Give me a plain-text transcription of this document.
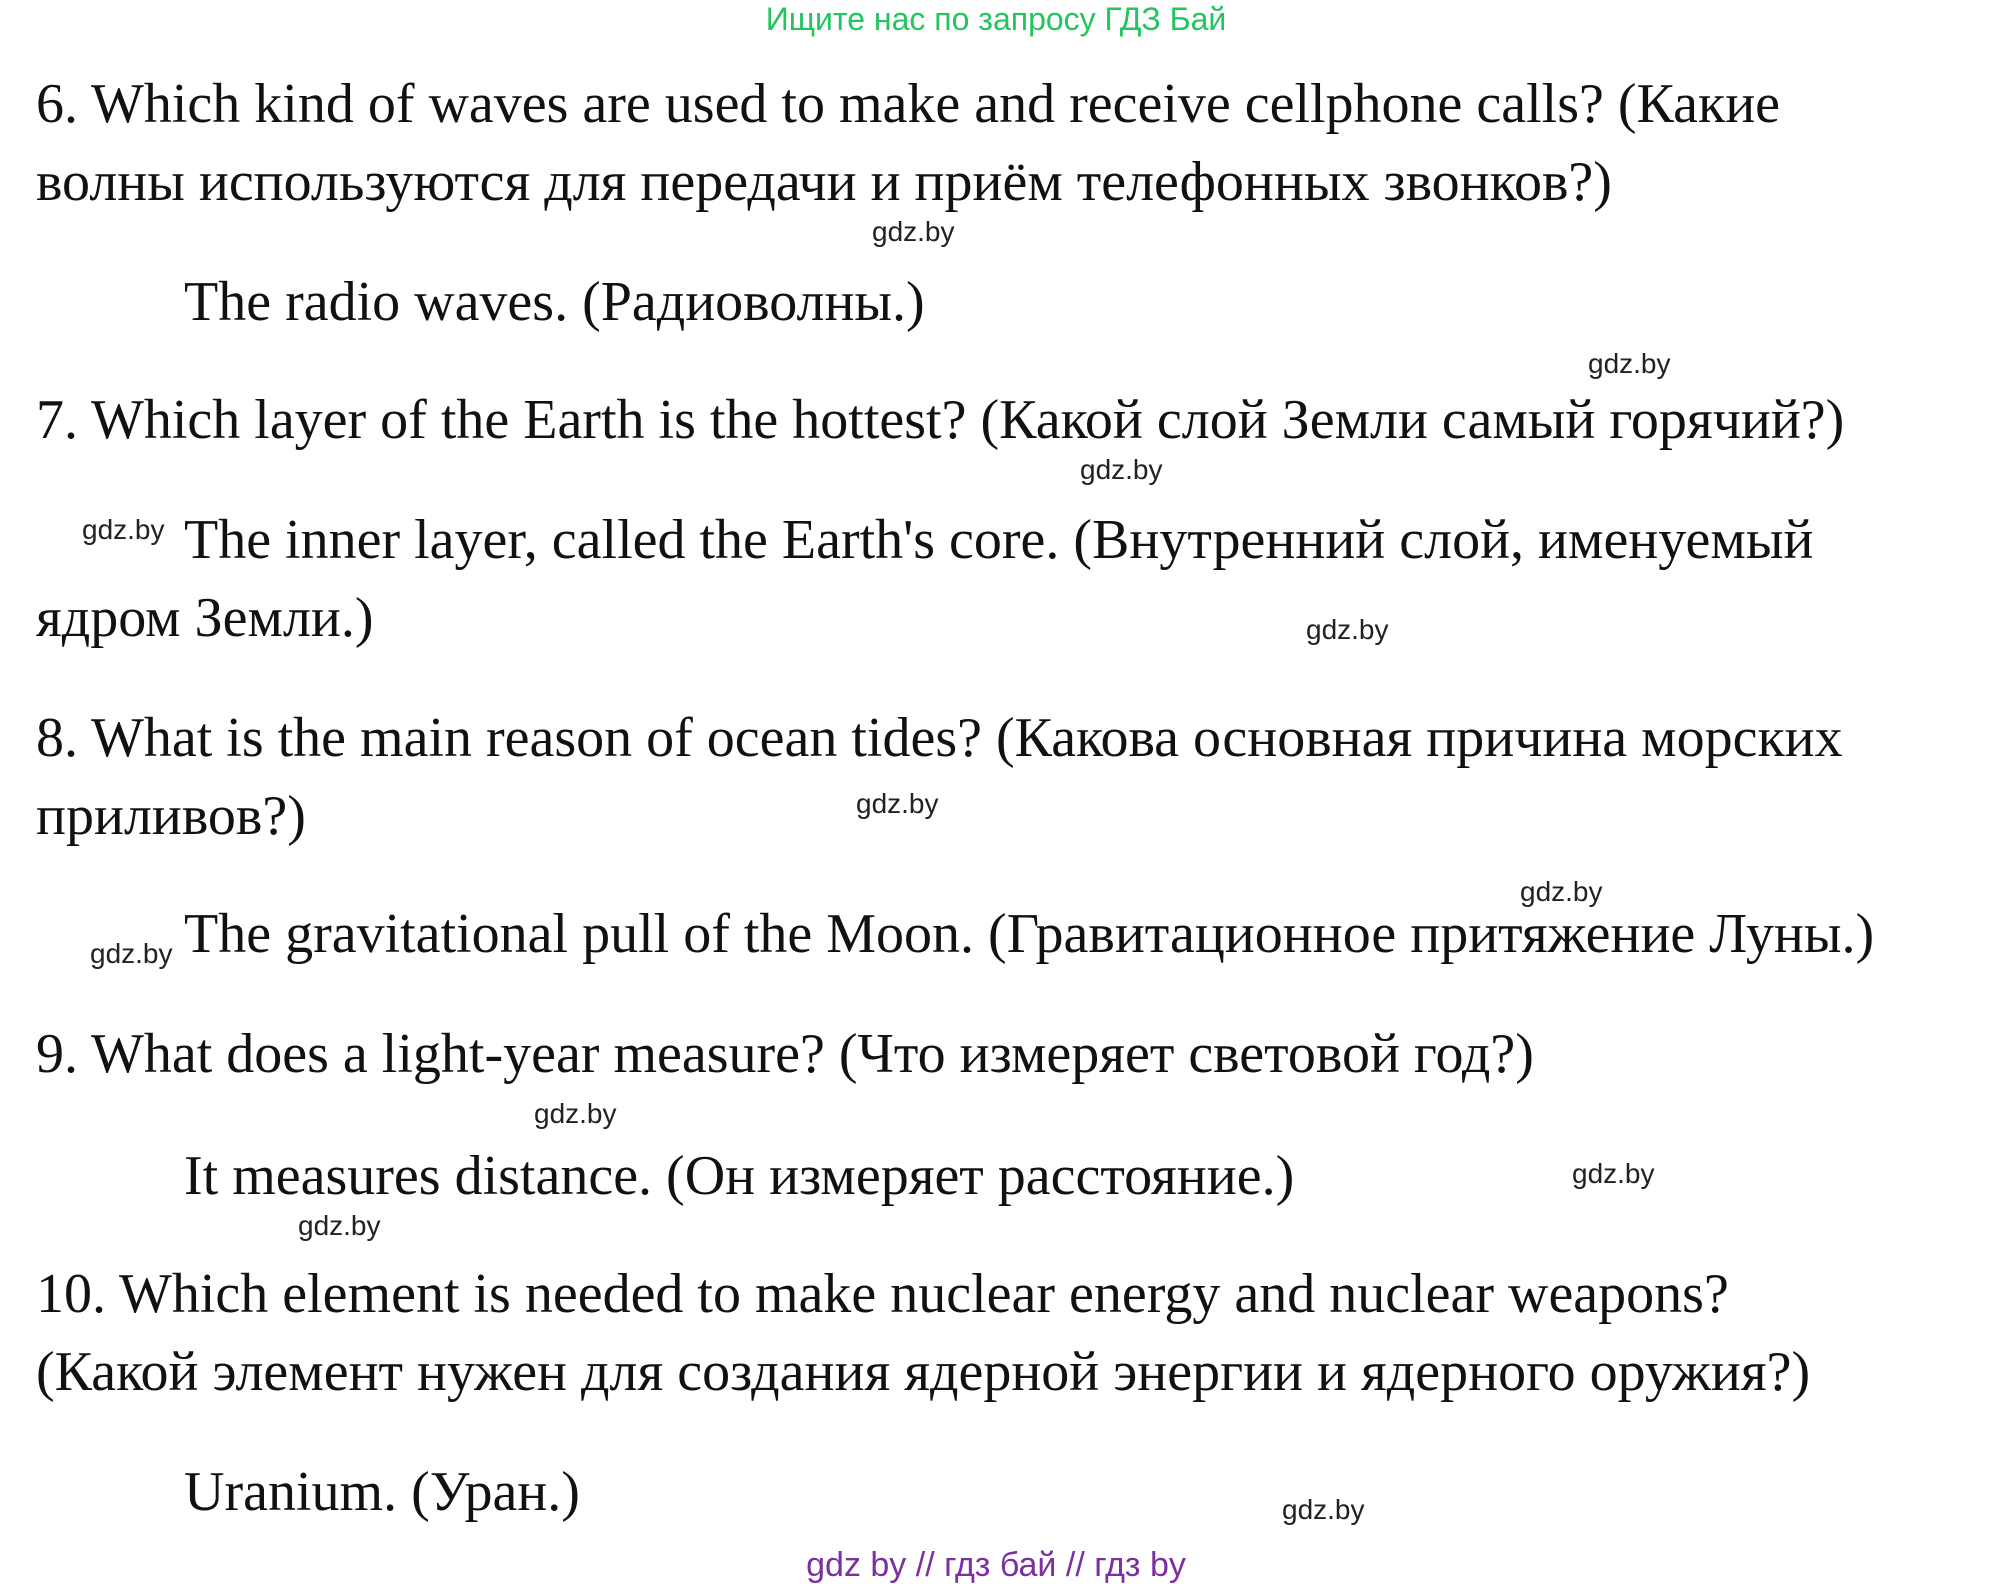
Ищите нас по запросу ГДЗ Бай
6. Which kind of waves are used to make and receive cellphone calls? (Какие
волны используются для передачи и приём телефонных звонков?)
gdz.by
The radio waves. (Радиоволны.)
gdz.by
7. Which layer of the Earth is the hottest? (Какой слой Земли самый горячий?)
gdz.by
gdz.by The inner layer, called the Earth's core. (Внутренний слой, именуемый
ядром Земли.)	gdz.by
8. What is the main reason of ocean tides? (Какова основная причина морских
приливов?)	gdz.by
gdz.by
gdz.by The gravitational pull of the Moon. (Гравитационное притяжение Луны.)
9. What does a light-year measure? (Что измеряет световой год?)
gdz.by
It measures distance. (Он измеряет расстояние.)	gdz.by
gdz.by
10. Which element is needed to make nuclear energy and nuclear weapons?
(Какой элемент нужен для создания ядерной энергии и ядерного оружия?)
Uranium. (Уран.)	gdz.by
gdz by // гдз бай // гдз by
